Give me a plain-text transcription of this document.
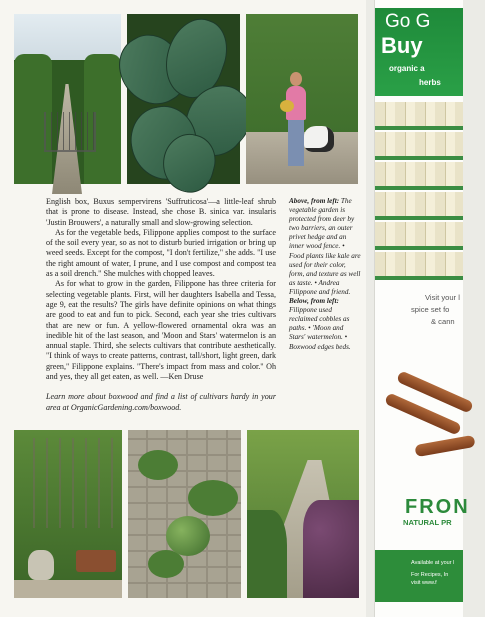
English box, Buxus sempervirens 'Suffruticosa'—a little-leaf shrub that is prone to disease. Instead, she chose B. sinica var. insularis 'Justin Brouwers', a naturally small and slow-growing selection.

As for the vegetable beds, Filippone applies compost to the surface of the soil every year, so as not to disturb buried irrigation or bring up weed seeds. Except for the compost, "I don't fertilize," she adds. "I use the right amount of water, I prune, and I use compost and compost tea as a soil drench." She mulches with chopped leaves.

As for what to grow in the garden, Filippone has three criteria for selecting vegetable plants. First, will her daughters Isabella and Tessa, age 9, eat the results? The girls have definite opinions on what things are good to eat and fun to pick. Second, each year she tries cultivars that are new or fun. A yellow-flowered ornamental okra was an inedible hit of the last season, and 'Moon and Stars' watermelon is an annual staple. Third, she selects cultivars that contribute aesthetically. "I think of ways to create patterns, contrast, tall/short, light green, dark green," Filippone explains. "There's impact from mass and color." Oh and yes, they all get eaten, as well. —Ken Druse

Learn more about boxwood and find a list of cultivars hardy in your area at OrganicGardening.com/boxwood.

Above, from left: The vegetable garden is protected from deer by two barriers, an outer privet hedge and an inner wood fence. • Food plants like kale are used for their color, form, and texture as well as taste. • Andrea Filippone and friend. Below, from left: Filippone used reclaimed cobbles as paths. • 'Moon and Stars' watermelon. • Boxwood edges beds.
Go G
Buy
organic a
herbs
Visit your l
spice set fo
& cann
FRON
NATURAL PR
Available at your l
For Recipes, In
visit www.f
